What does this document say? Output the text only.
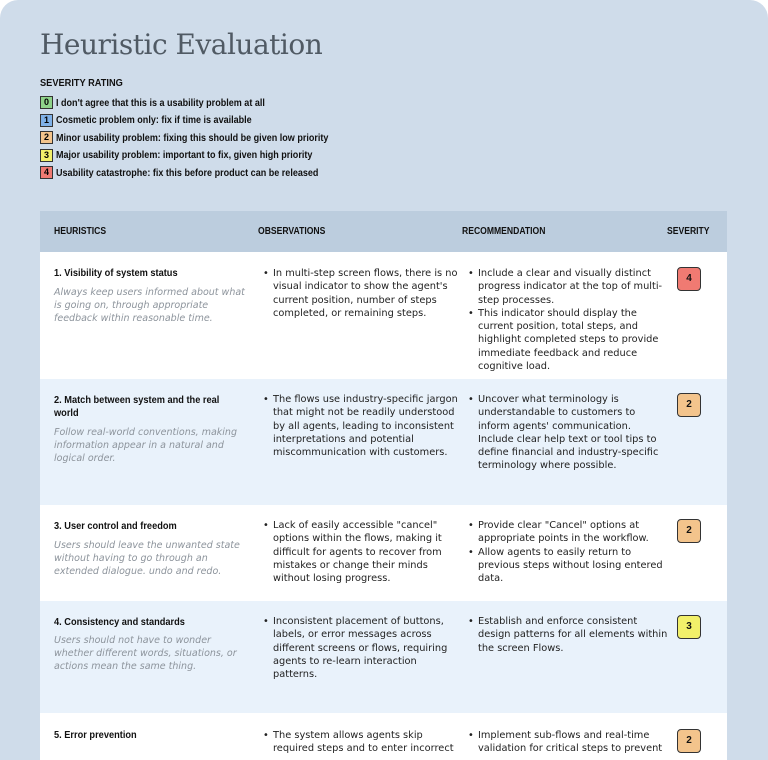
Heuristic Evaluation
SEVERITY RATING
0 I don't agree that this is a usability problem at all
1 Cosmetic problem only: fix if time is available
2 Minor usability problem: fixing this should be given low priority
3 Major usability problem: important to fix, given high priority
4 Usability catastrophe: fix this before product can be released
HEURISTICS	OBSERVATIONS	RECOMMENDATION	SEVERITY
1. Visibility of system status
Always keep users informed about what is going on, through appropriate feedback within reasonable time.
• In multi-step screen flows, there is no visual indicator to show the agent's current position, number of steps completed, or remaining steps.
• Include a clear and visually distinct progress indicator at the top of multi-step processes.
• This indicator should display the current position, total steps, and highlight completed steps to provide immediate feedback and reduce cognitive load.
4
2. Match between system and the real world
Follow real-world conventions, making information appear in a natural and logical order.
• The flows use industry-specific jargon that might not be readily understood by all agents, leading to inconsistent interpretations and potential miscommunication with customers.
• Uncover what terminology is understandable to customers to inform agents' communication. Include clear help text or tool tips to define financial and industry-specific terminology where possible.
2
3. User control and freedom
Users should leave the unwanted state without having to go through an extended dialogue. undo and redo.
• Lack of easily accessible "cancel" options within the flows, making it difficult for agents to recover from mistakes or change their minds without losing progress.
• Provide clear "Cancel" options at appropriate points in the workflow.
• Allow agents to easily return to previous steps without losing entered data.
2
4. Consistency and standards
Users should not have to wonder whether different words, situations, or actions mean the same thing.
• Inconsistent placement of buttons, labels, or error messages across different screens or flows, requiring agents to re-learn interaction patterns.
• Establish and enforce consistent design patterns for all elements within the screen Flows.
3
5. Error prevention
•	The system allows agents skip required steps and to enter incorrect
• Implement sub-flows and real-time validation for critical steps to prevent
2
